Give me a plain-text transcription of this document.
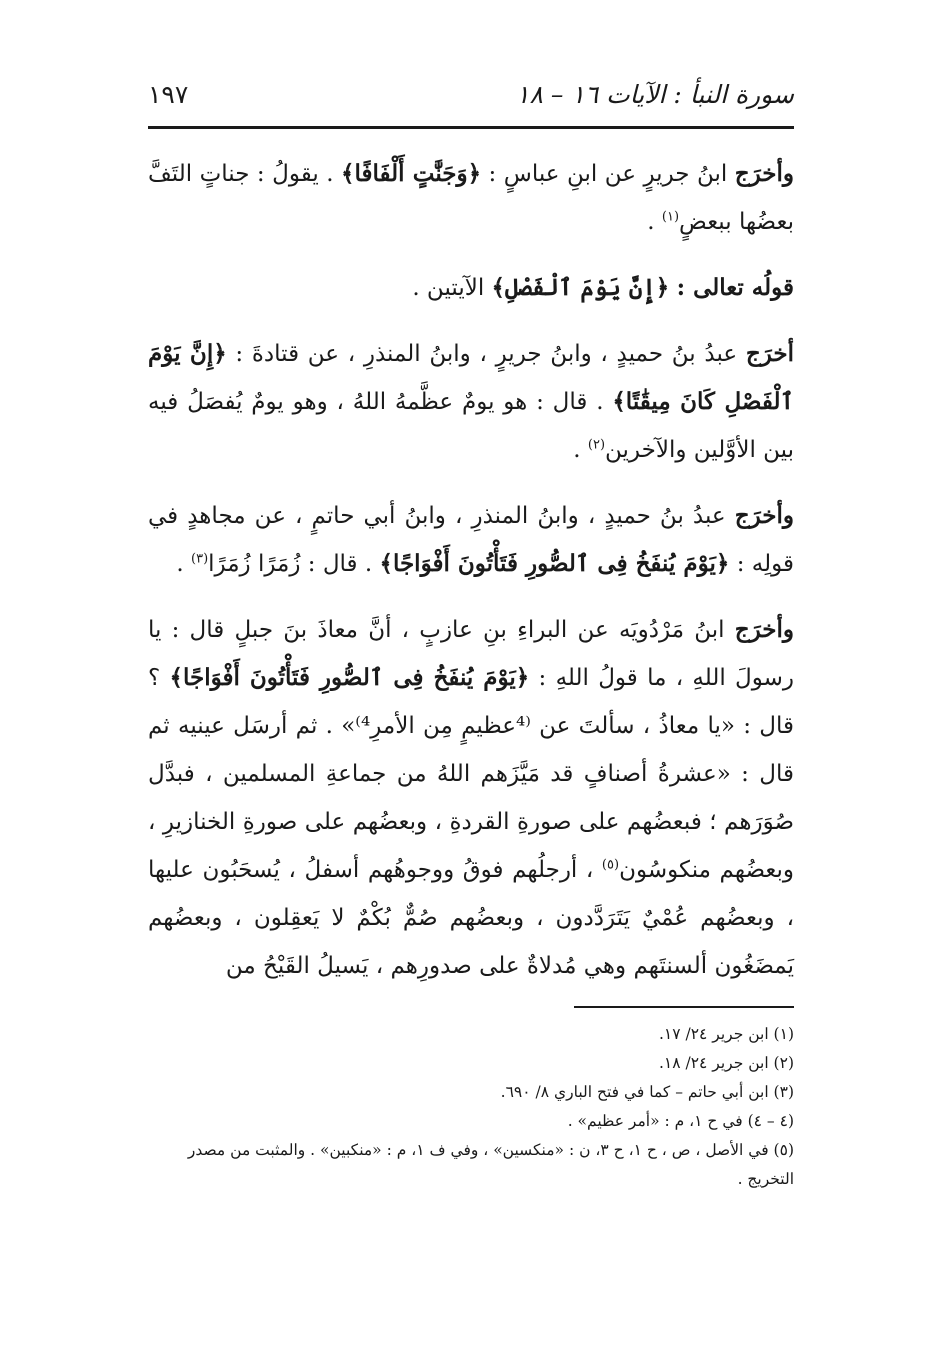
سورة النبأ : الآيات ١٦ – ١٨
١٩٧

وأخرَج ابنُ جريرٍ عن ابنِ عباسٍ : ﴿وَجَنَّٰتٍ أَلْفَافًا﴾ . يقولُ : جناتٍ التَفَّ بعضُها ببعضٍ$^{(١)}$ .

قولُه تعالى : ﴿إِنَّ يَوْمَ ٱلْفَصْلِ﴾ الآيتين .

أخرَج عبدُ بنُ حميدٍ ، وابنُ جريرٍ ، وابنُ المنذرِ ، عن قتادةَ : ﴿إِنَّ يَوْمَ ٱلْفَصْلِ كَانَ مِيقَٰتًا﴾ . قال : هو يومٌ عظَّمهُ اللهُ ، وهو يومٌ يُفصَلُ فيه بين الأوَّلين والآخرين$^{(٢)}$ .

وأخرَج عبدُ بنُ حميدٍ ، وابنُ المنذرِ ، وابنُ أبي حاتمٍ ، عن مجاهدٍ في قولِه : ﴿يَوْمَ يُنفَخُ فِى ٱلصُّورِ فَتَأْتُونَ أَفْوَاجًا﴾ . قال : زُمَرًا زُمَرًا$^{(٣)}$ .

وأخرَج ابنُ مَرْدُويَه عن البراءِ بنِ عازبٍ ، أنَّ معاذَ بنَ جبلٍ قال : يا رسولَ اللهِ ، ما قولُ اللهِ : ﴿يَوْمَ يُنفَخُ فِى ٱلصُّورِ فَتَأْتُونَ أَفْوَاجًا﴾ ؟ قال : «يا معاذُ ، سألتَ عن ⁽⁴عظيمٍ مِن الأمرِ⁴⁾» . ثم أرسَل عينيه ثم قال : «عشرةُ أصنافٍ قد مَيَّزَهم اللهُ من جماعةِ المسلمين ، فبدَّل صُوَرَهم ؛ فبعضُهم على صورةِ القردةِ ، وبعضُهم على صورةِ الخنازيرِ ، وبعضُهم منكوسُون$^{(٥)}$ ، أرجلُهم فوقُ ووجوهُهم أسفلُ ، يُسحَبُون عليها ، وبعضُهم عُمْيٌ يَتَرَدَّدون ، وبعضُهم صُمٌّ بُكْمٌ لا يَعقِلون ، وبعضُهم يَمضَغُون ألسنتَهم وهي مُدلاةٌ على صدورِهم ، يَسيلُ القَيْحُ من

(١) ابن جرير ٢٤/ ١٧.
(٢) ابن جرير ٢٤/ ١٨.
(٣) ابن أبي حاتم – كما في فتح الباري ٨/ ٦٩٠.
(٤ – ٤) في ح ١، م : «أمر عظيم» .
(٥) في الأصل ، ص ، ح ١، ح ٣، ن : «منكسين» ، وفي ف ١، م : «منكبين» . والمثبت من مصدر التخريج .
